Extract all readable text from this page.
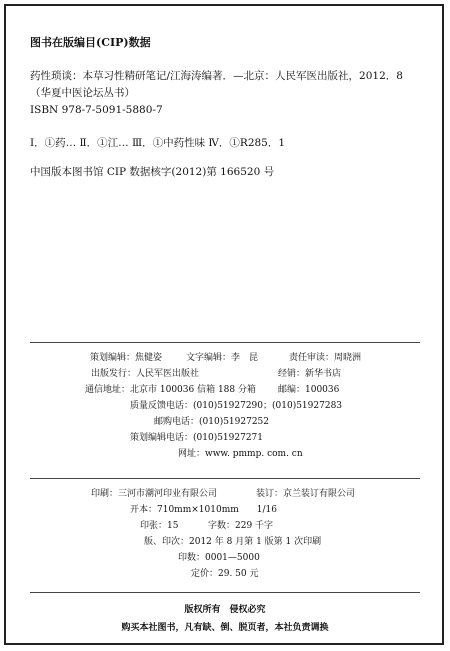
图书在版编目(CIP)数据
药性琐谈：本草习性精研笔记/江海涛编著．—北京：人民军医出版社，2012．8
（华夏中医论坛丛书）
ISBN 978-7-5091-5880-7
Ⅰ．①药… Ⅱ．①江… Ⅲ．①中药性味 Ⅳ．①R285．1
中国版本图书馆 CIP 数据核字(2012)第 166520 号
策划编辑：焦健姿	文字编辑：李　昆	责任审读：周晓洲
出版发行：人民军医出版社	经销：新华书店
通信地址：北京市 100036 信箱 188 分箱 邮编：100036
质量反馈电话：(010)51927290；(010)51927283
邮购电话：(010)51927252
策划编辑电话：(010)51927271
网址：www. pmmp. com. cn
印刷：三河市潮河印业有限公司	装订：京兰装订有限公司
开本：710mm×1010mm　　1/16
印张：15	字数：229 千字
版、印次：2012 年 8 月第 1 版第 1 次印刷
印数：0001—5000
定价：29. 50 元
版权所有　侵权必究
购买本社图书，凡有缺、倒、脱页者，本社负责调换
